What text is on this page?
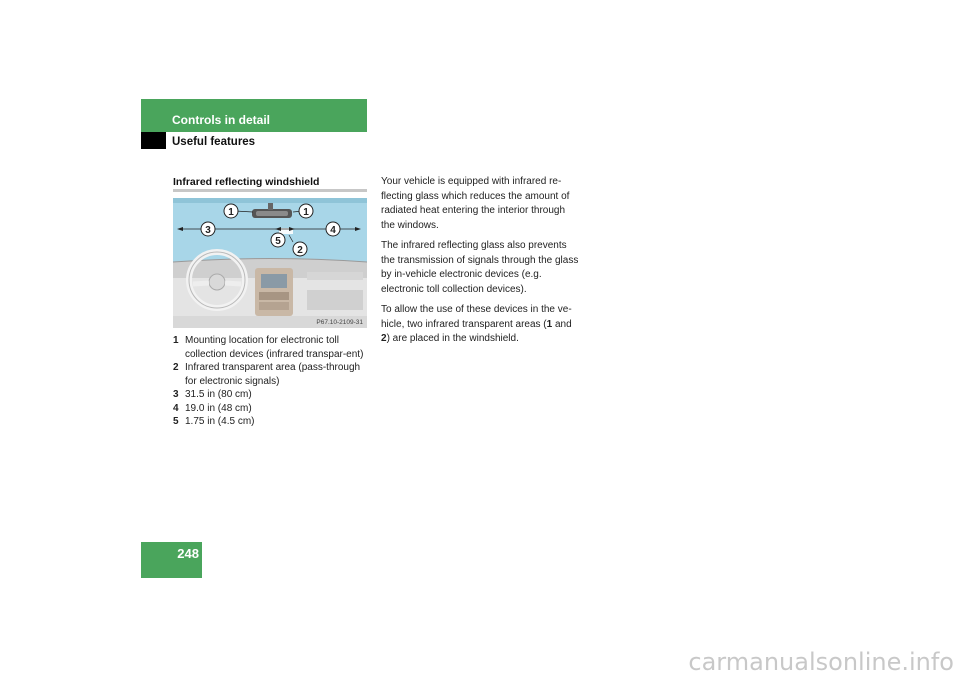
Controls in detail
Useful features
Infrared reflecting windshield
1	1
3	4
5
2
P67.10-2109-31
1 Mounting location for electronic toll collection devices (infrared transpar-ent)
2 Infrared transparent area (pass-through for electronic signals)
3 31.5 in (80 cm)
4 19.0 in (48 cm)
5 1.75 in (4.5 cm)

Your vehicle is equipped with infrared re-flecting glass which reduces the amount of radiated heat entering the interior through the windows.

The infrared reflecting glass also prevents the transmission of signals through the glass by in-vehicle electronic devices (e.g. electronic toll collection devices).

To allow the use of these devices in the ve-hicle, two infrared transparent areas (1 and 2) are placed in the windshield.

248
carmanualsonline.info
